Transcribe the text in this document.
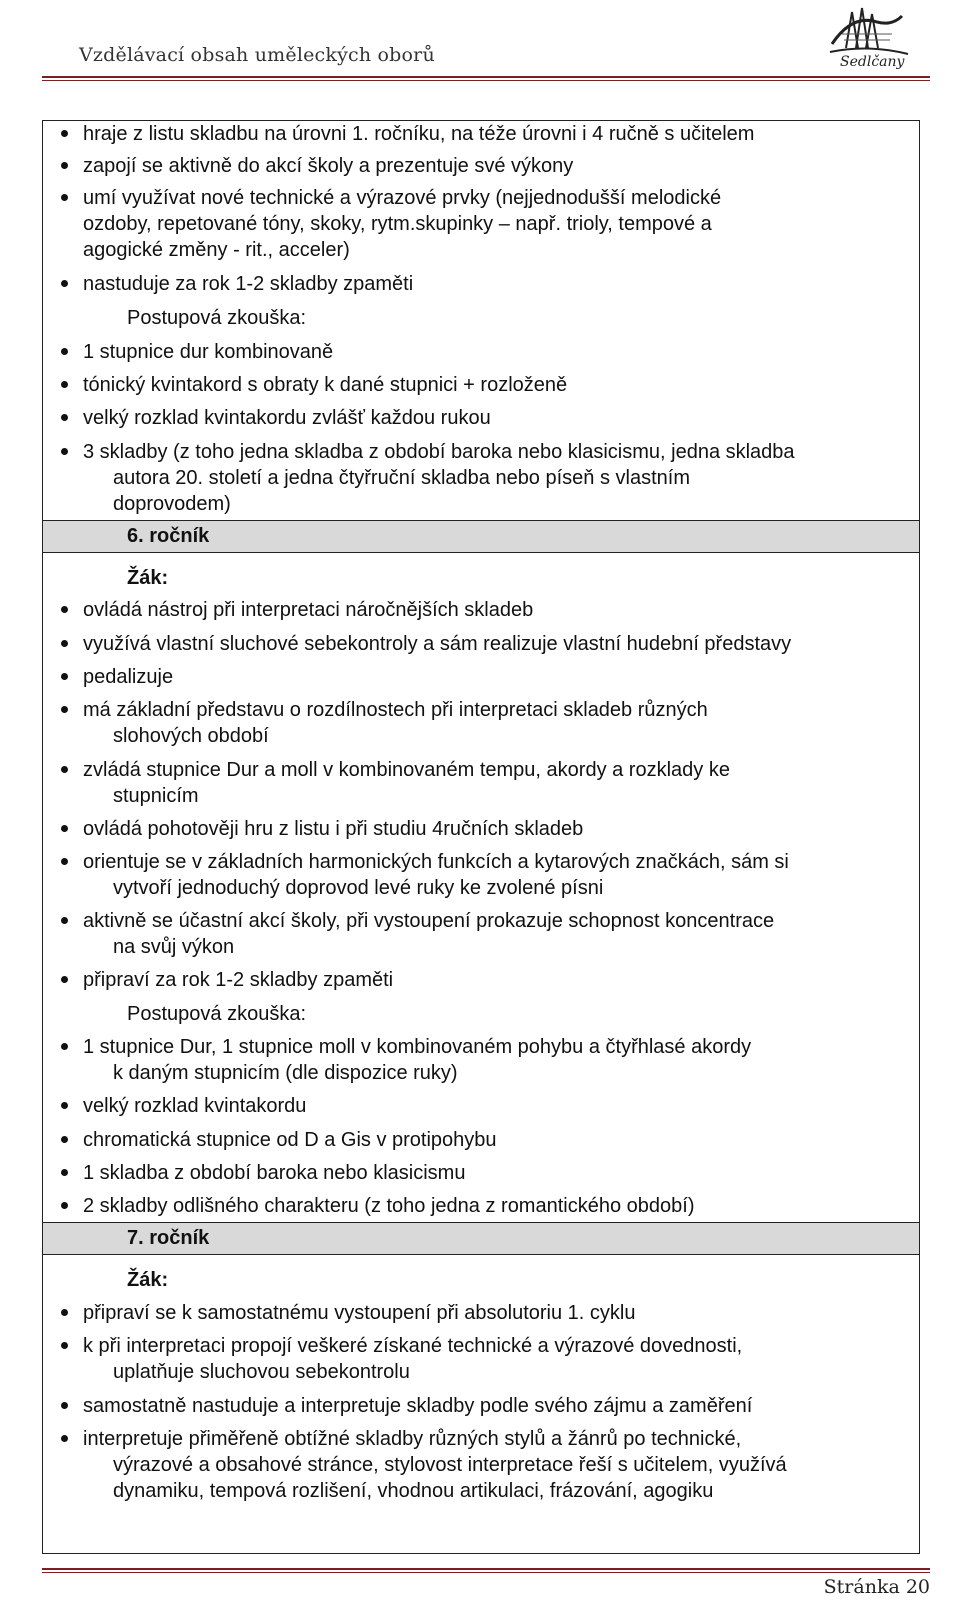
Vzdělávací obsah uměleckých oborů	Sedlčany
hraje z listu skladbu na úrovni 1. ročníku, na téže úrovni i 4 ručně s učitelem
zapojí se aktivně do akcí školy a prezentuje své výkony
umí využívat nové technické a výrazové prvky (nejjednodušší melodické
ozdoby, repetované tóny, skoky, rytm.skupinky – např. trioly, tempové a
agogické změny - rit., acceler)
nastuduje za rok 1-2 skladby zpaměti
Postupová zkouška:
1 stupnice dur kombinovaně
tónický kvintakord s obraty k dané stupnici + rozloženě
velký rozklad kvintakordu zvlášť každou rukou
3 skladby (z toho jedna skladba z období baroka nebo klasicismu, jedna skladba
autora 20. století a jedna čtyřruční skladba nebo píseň s vlastním
doprovodem)
6. ročník
Žák:
ovládá nástroj při interpretaci náročnějších skladeb
využívá vlastní sluchové sebekontroly a sám realizuje vlastní hudební představy
pedalizuje
má základní představu o rozdílnostech při interpretaci skladeb různých
slohových období
zvládá stupnice Dur a moll v kombinovaném tempu, akordy a rozklady ke
stupnicím
ovládá pohotověji hru z listu i při studiu 4ručních skladeb
orientuje se v základních harmonických funkcích a kytarových značkách, sám si
vytvoří jednoduchý doprovod levé ruky ke zvolené písni
aktivně se účastní akcí školy, při vystoupení prokazuje schopnost koncentrace
na svůj výkon
připraví za rok 1-2 skladby zpaměti
Postupová zkouška:
1 stupnice Dur, 1 stupnice moll v kombinovaném pohybu a čtyřhlasé akordy
k daným stupnicím (dle dispozice ruky)
velký rozklad kvintakordu
chromatická stupnice od D a Gis v protipohybu
1 skladba z období baroka nebo klasicismu
2 skladby odlišného charakteru (z toho jedna z romantického období)
7. ročník
Žák:
připraví se k samostatnému vystoupení při absolutoriu 1. cyklu
k při interpretaci propojí veškeré získané technické a výrazové dovednosti,
uplatňuje sluchovou sebekontrolu
samostatně nastuduje a interpretuje skladby podle svého zájmu a zaměření
interpretuje přiměřeně obtížné skladby různých stylů a žánrů po technické,
výrazové a obsahové stránce, stylovost interpretace řeší s učitelem, využívá
dynamiku, tempová rozlišení, vhodnou artikulaci, frázování, agogiku
Stránka 20
